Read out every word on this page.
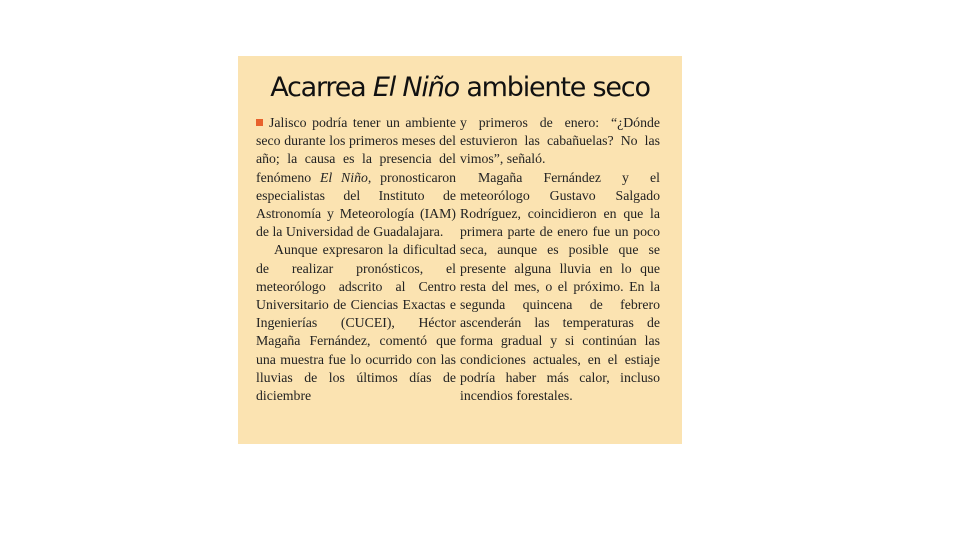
Acarrea El Niño ambiente seco

Jalisco podría tener un ambiente seco durante los primeros meses del año; la causa es la presencia del fenómeno El Niño, pronosticaron especialistas del Instituto de Astronomía y Meteorología (IAM) de la Universidad de Guadalajara.

Aunque expresaron la dificultad de realizar pronósticos, el meteorólogo adscrito al Centro Universitario de Ciencias Exactas e Ingenierías (CUCEI), Héctor Magaña Fernández, comentó que una muestra fue lo ocurrido con las lluvias de los últimos días de diciembre

y primeros de enero: “¿Dónde estuvieron las cabañuelas? No las vimos”, señaló.

Magaña Fernández y el meteorólogo Gustavo Salgado Rodríguez, coincidieron en que la primera parte de enero fue un poco seca, aunque es posible que se presente alguna lluvia en lo que resta del mes, o el próximo. En la segunda quincena de febrero ascenderán las temperaturas de forma gradual y si continúan las condiciones actuales, en el estiaje podría haber más calor, incluso incendios forestales.
